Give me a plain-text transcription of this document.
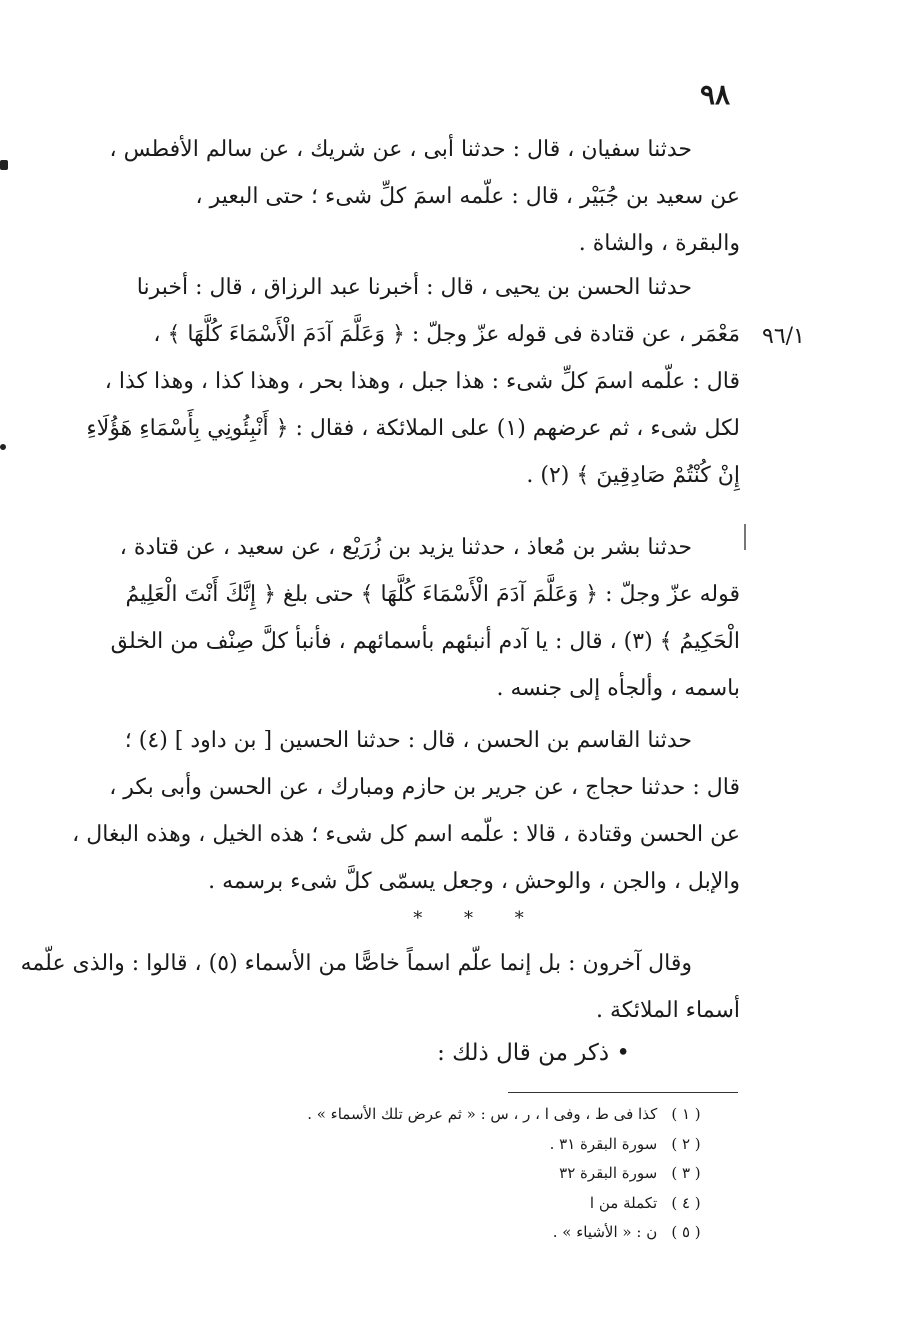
٩٨
٩٦/١
حدثنا سفيان ، قال : حدثنا أبى ، عن شريك ، عن سالم الأفطس ،
عن سعيد بن جُبَيْر ، قال : علّمه اسمَ كلِّ شىء ؛ حتى البعير ،
والبقرة ، والشاة .
حدثنا الحسن بن يحيى ، قال : أخبرنا عبد الرزاق ، قال : أخبرنا
مَعْمَر ، عن قتادة فى قوله عزّ وجلّ : ﴿ وَعَلَّمَ آدَمَ الْأَسْمَاءَ كُلَّهَا ﴾ ،
قال : علّمه اسمَ كلِّ شىء : هذا جبل ، وهذا بحر ، وهذا كذا ، وهذا كذا ،
لكل شىء ، ثم عرضهم (١) على الملائكة ، فقال : ﴿ أَنْبِئُونِي بِأَسْمَاءِ هَؤُلَاءِ
إِنْ كُنْتُمْ صَادِقِينَ ﴾ (٢) .
حدثنا بشر بن مُعاذ ، حدثنا يزيد بن زُرَيْع ، عن سعيد ، عن قتادة ،
قوله عزّ وجلّ : ﴿ وَعَلَّمَ آدَمَ الْأَسْمَاءَ كُلَّهَا ﴾ حتى بلغ ﴿ إِنَّكَ أَنْتَ الْعَلِيمُ
الْحَكِيمُ ﴾ (٣) ، قال : يا آدم أنبئهم بأسمائهم ، فأنبأ كلَّ صِنْف من الخلق
باسمه ، وألجأه إلى جنسه .
حدثنا القاسم بن الحسن ، قال : حدثنا الحسين [ بن داود ] (٤) ؛
قال : حدثنا حجاج ، عن جرير بن حازم ومبارك ، عن الحسن وأبى بكر ،
عن الحسن وقتادة ، قالا : علّمه اسم كل شىء ؛ هذه الخيل ، وهذه البغال ،
والإبل ، والجن ، والوحش ، وجعل يسمّى كلَّ شىء برسمه .
* * *
وقال آخرون : بل إنما علّم اسماً خاصًّا من الأسماء (٥) ، قالوا : والذى علّمه
أسماء الملائكة .
• ذكر من قال ذلك :
( ١ ) كذا فى ط ، وفى ا ، ر ، س : « ثم عرض تلك الأسماء » .
( ٢ ) سورة البقرة ٣١ .
( ٣ ) سورة البقرة ٣٢
( ٤ ) تكملة من ا
( ٥ ) ن : « الأشياء » .
